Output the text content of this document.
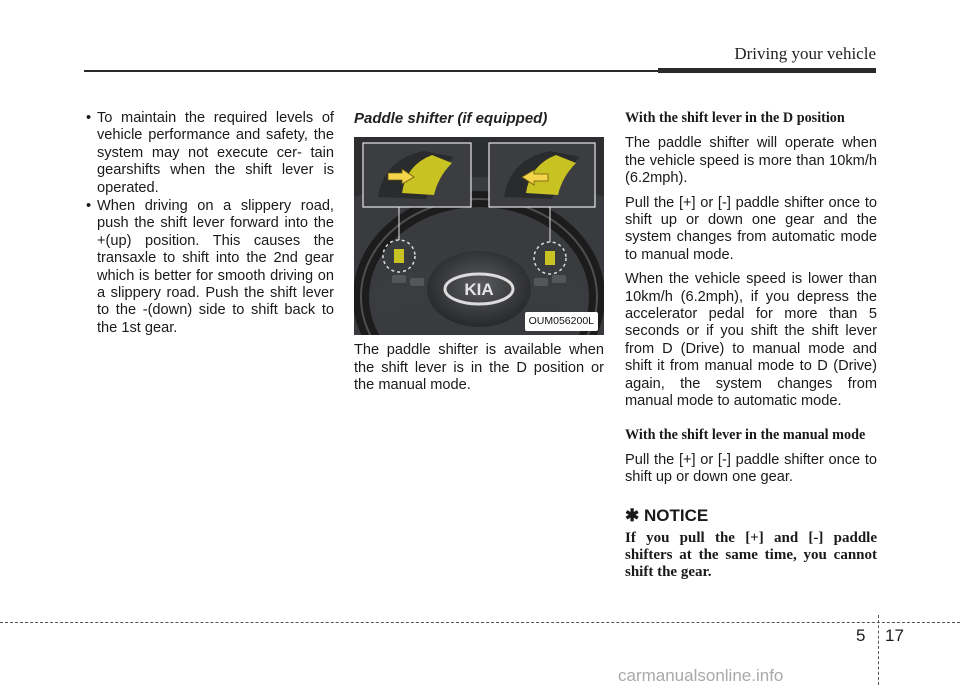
Driving your vehicle
• To maintain the required levels of vehicle performance and safety, the system may not execute cer- tain gearshifts when the shift lever is operated.
• When driving on a slippery road, push the shift lever forward into the +(up) position. This causes the transaxle to shift into the 2nd gear which is better for smooth driving on a slippery road. Push the shift lever to the -(down) side to shift back to the 1st gear.
Paddle shifter (if equipped)
KIA
OUM056200L

The paddle shifter is available when the shift lever is in the D position or the manual mode.

With the shift lever in the D position

The paddle shifter will operate when the vehicle speed is more than 10km/h (6.2mph).

Pull the [+] or [-] paddle shifter once to shift up or down one gear and the system changes from automatic mode to manual mode.

When the vehicle speed is lower than 10km/h (6.2mph), if you depress the accelerator pedal for more than 5 seconds or if you shift the shift lever from D (Drive) to manual mode and shift it from manual mode to D (Drive) again, the system changes from manual mode to automatic mode.

With the shift lever in the manual mode

Pull the [+] or [-] paddle shifter once to shift up or down one gear.

✱ NOTICE

If you pull the [+] and [-] paddle shifters at the same time, you cannot shift the gear.

5 17
carmanualsonline.info
